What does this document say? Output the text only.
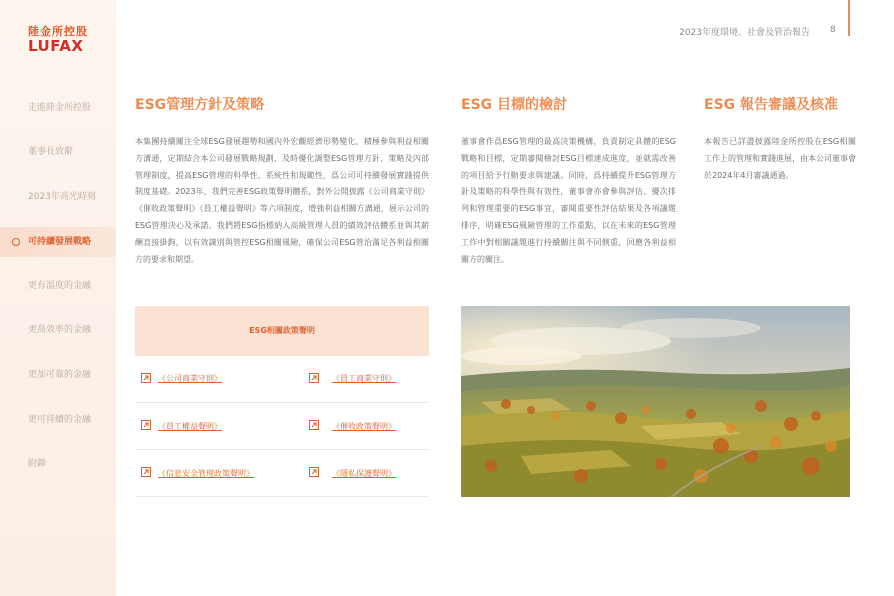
陸金所控股
LUFAX
走進陸金所控股
董事長致辭
2023年高光時刻
可持續發展戰略
更有溫度的金融
更高效率的金融
更加可靠的金融
更可持續的金融
附錄
2023年度環境、社會及管治報告 8
ESG管理方針及策略
本集團持續關注全球ESG發展趨勢和國內外宏觀經濟形勢變化，積極參與利益相關方溝通，定期結合本公司發展戰略規劃，及時優化調整ESG管理方針、策略及內部管理制度，提高ESG管理的科學性、系統性和規範性，爲公司可持續發展實踐提供制度基礎。2023年，我們完善ESG政策聲明體系，對外公開披露《公司商業守則》《催收政策聲明》《員工權益聲明》等六項制度，增強利益相關方溝通，展示公司的ESG管理決心及承諾。我們將ESG指標納入高級管理人員的績效評估體系並與其薪酬直接掛鉤，以有效識別與管控ESG相關風險，確保公司ESG管治滿足各利益相關方的要求和期望。
ESG 目標的檢討
董事會作爲ESG管理的最高決策機構，負責制定具體的ESG戰略和目標，定期審閱檢討ESG目標達成進度，並就需改善的項目給予行動要求與建議。同時，爲持續提升ESG管理方針及策略的科學性與有效性，董事會亦會參與評估、優次排列和管理重要的ESG事宜，審閱重要性評估結果及各項議題排序，明確ESG風險管理的工作重點，以在未來的ESG管理工作中對相關議題進行持續關注與不同側重，回應各利益相關方的關注。
ESG 報告審議及核准
本報告已詳盡披露陸金所控股在ESG相關工作上的管理和實踐進展，由本公司董事會於2024年4月審議通過。
ESG相關政策聲明
《公司商業守則》	《員工商業守則》
《員工權益聲明》	《催收政策聲明》
《信息安全管理政策聲明》	《隱私保護聲明》
